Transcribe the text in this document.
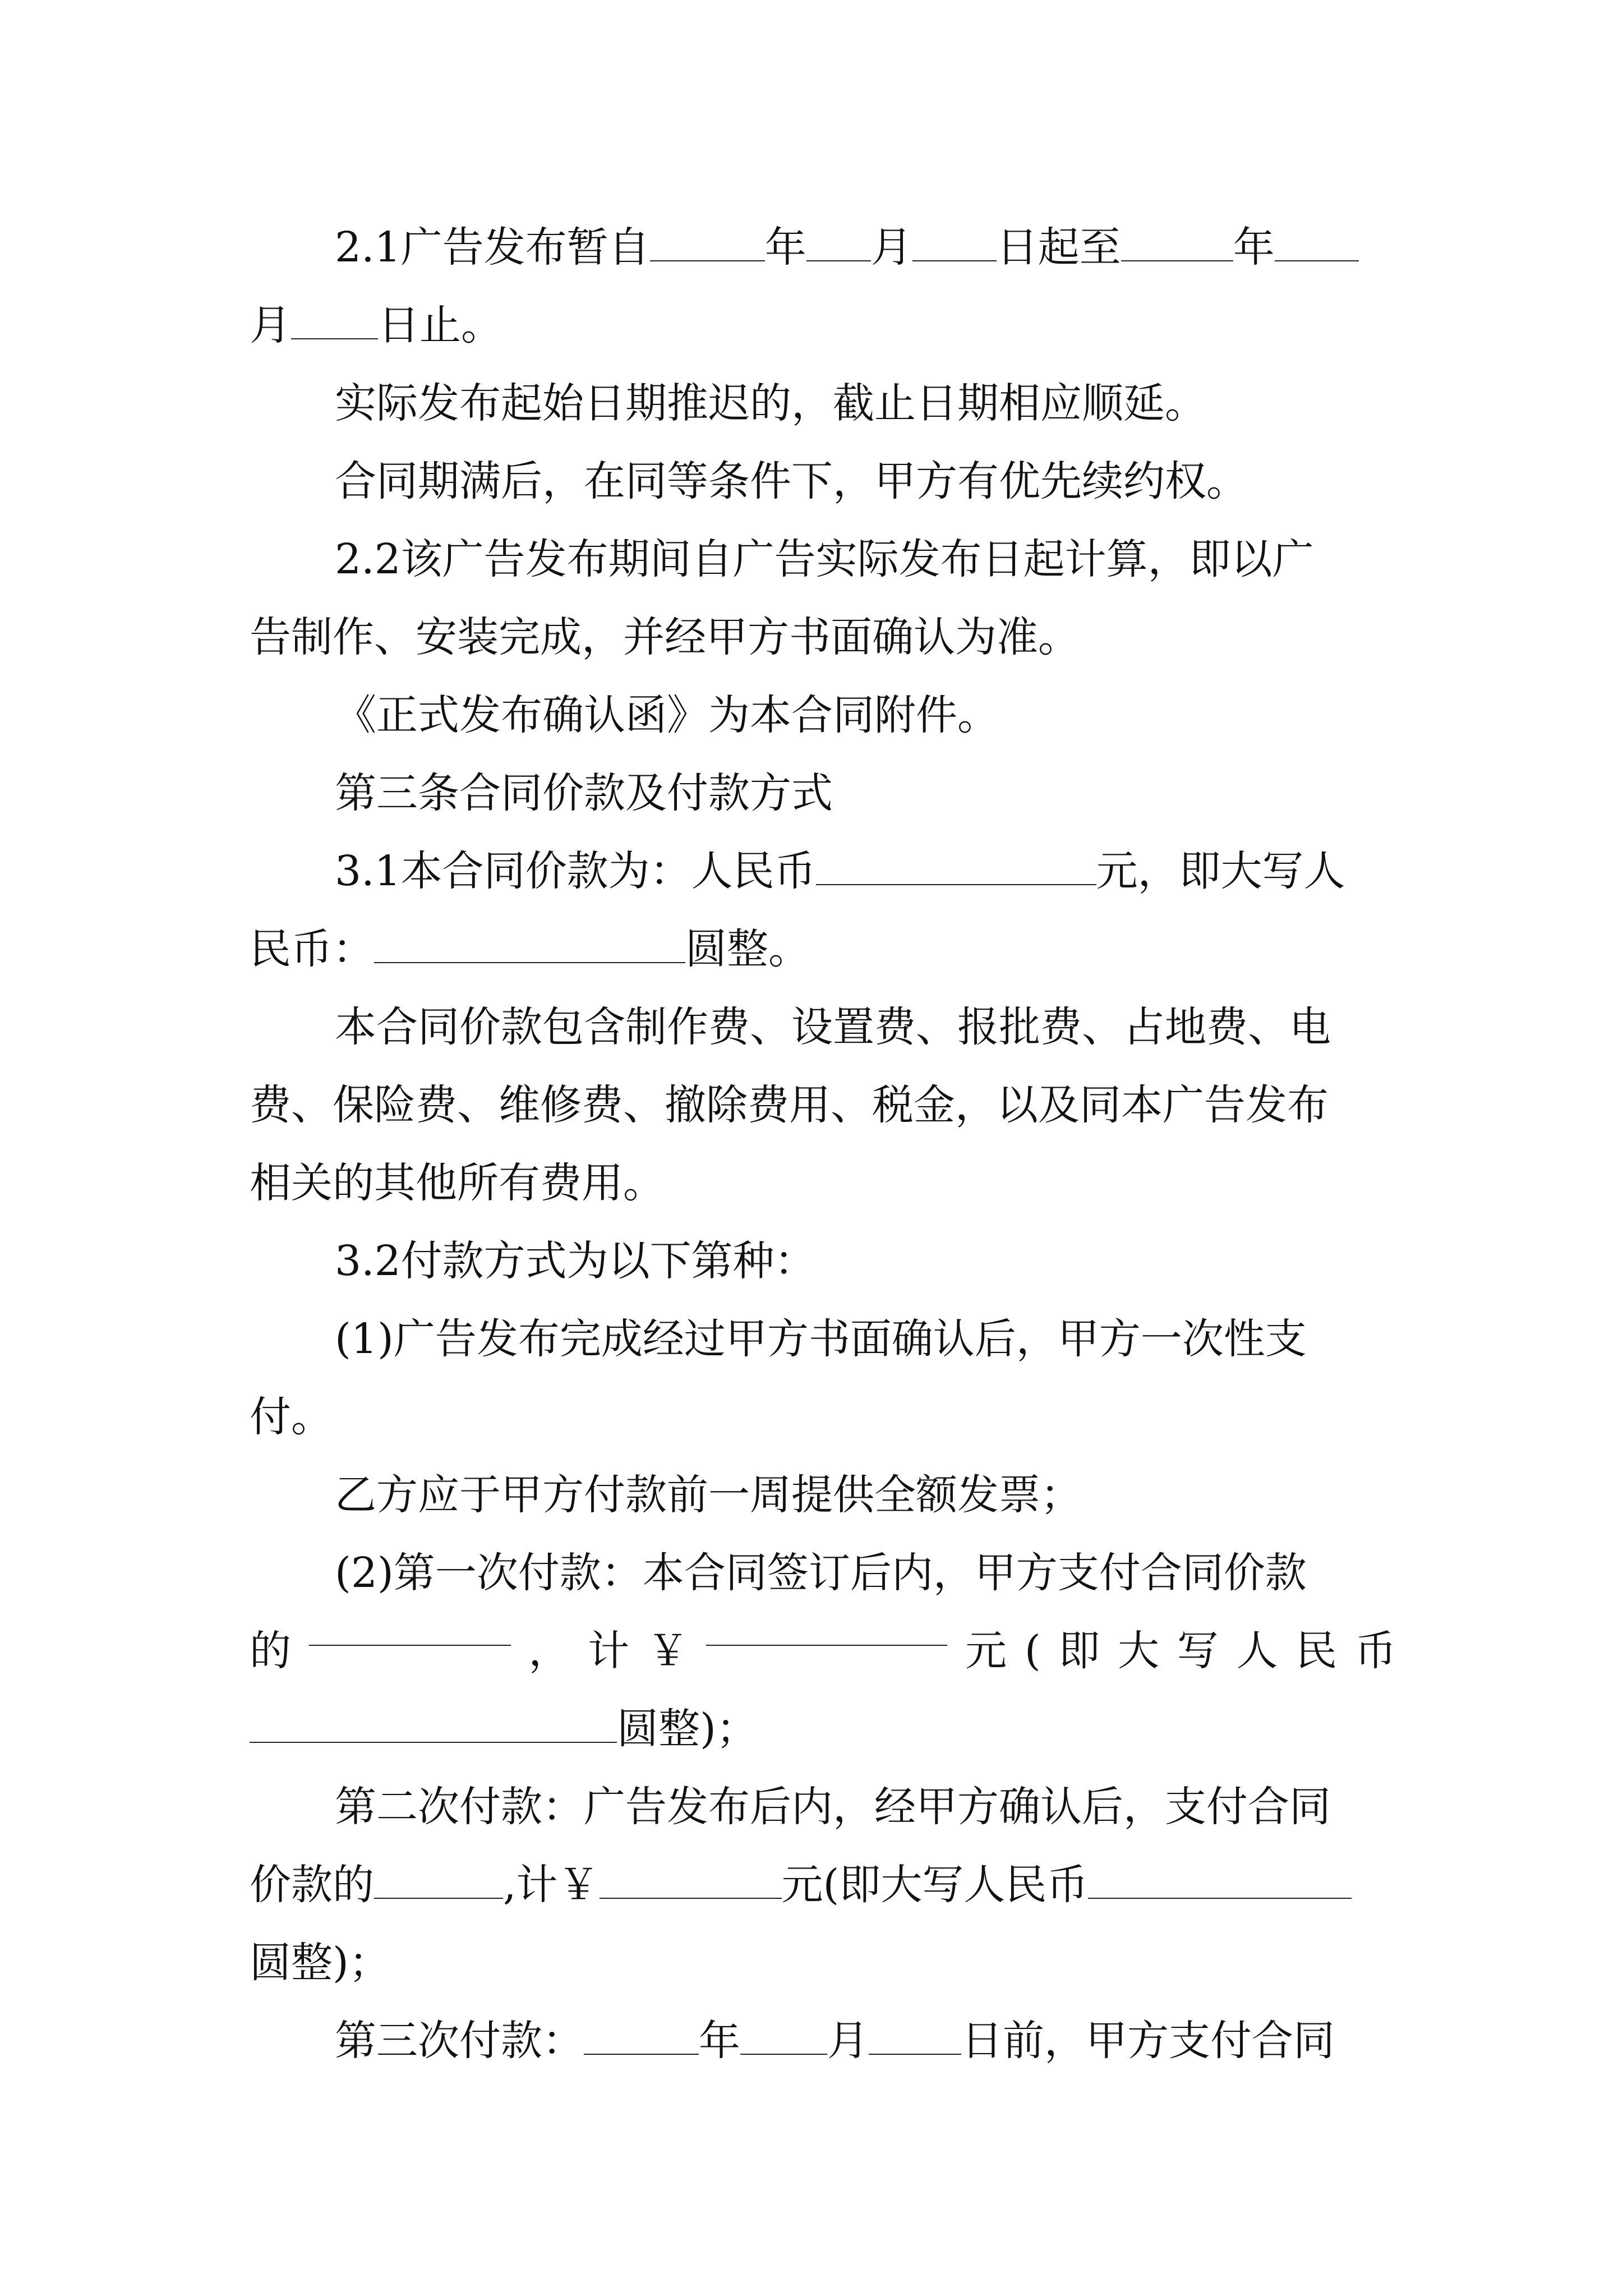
2.1广告发布暂自	年 月 日起至	年
月 日止。

实际发布起始日期推迟的，截止日期相应顺延。

合同期满后，在同等条件下，甲方有优先续约权。

2.2该广告发布期间自广告实际发布日起计算，即以广
告制作、安装完成，并经甲方书面确认为准。

《正式发布确认函》为本合同附件。

第三条合同价款及付款方式

3.1本合同价款为：人民币	元，即大写人
民币：	圆整。
本合同价款包含制作费、设置费、报批费、占地费、电
费、保险费、维修费、撤除费用、税金，以及同本广告发布
相关的其他所有费用。

3.2付款方式为以下第种：

(1)广告发布完成经过甲方书面确认后，甲方一次性支
付。

乙方应于甲方付款前一周提供全额发票；

(2)第一次付款：本合同签订后内，甲方支付合同价款
的	， 计 ￥	元 ( 即 大 写 人 民 币
圆整)；
第二次付款：广告发布后内，经甲方确认后，支付合同
价款的	,计￥	元(即大写人民币
圆整)；
第三次付款：	年 月 日前，甲方支付合同
